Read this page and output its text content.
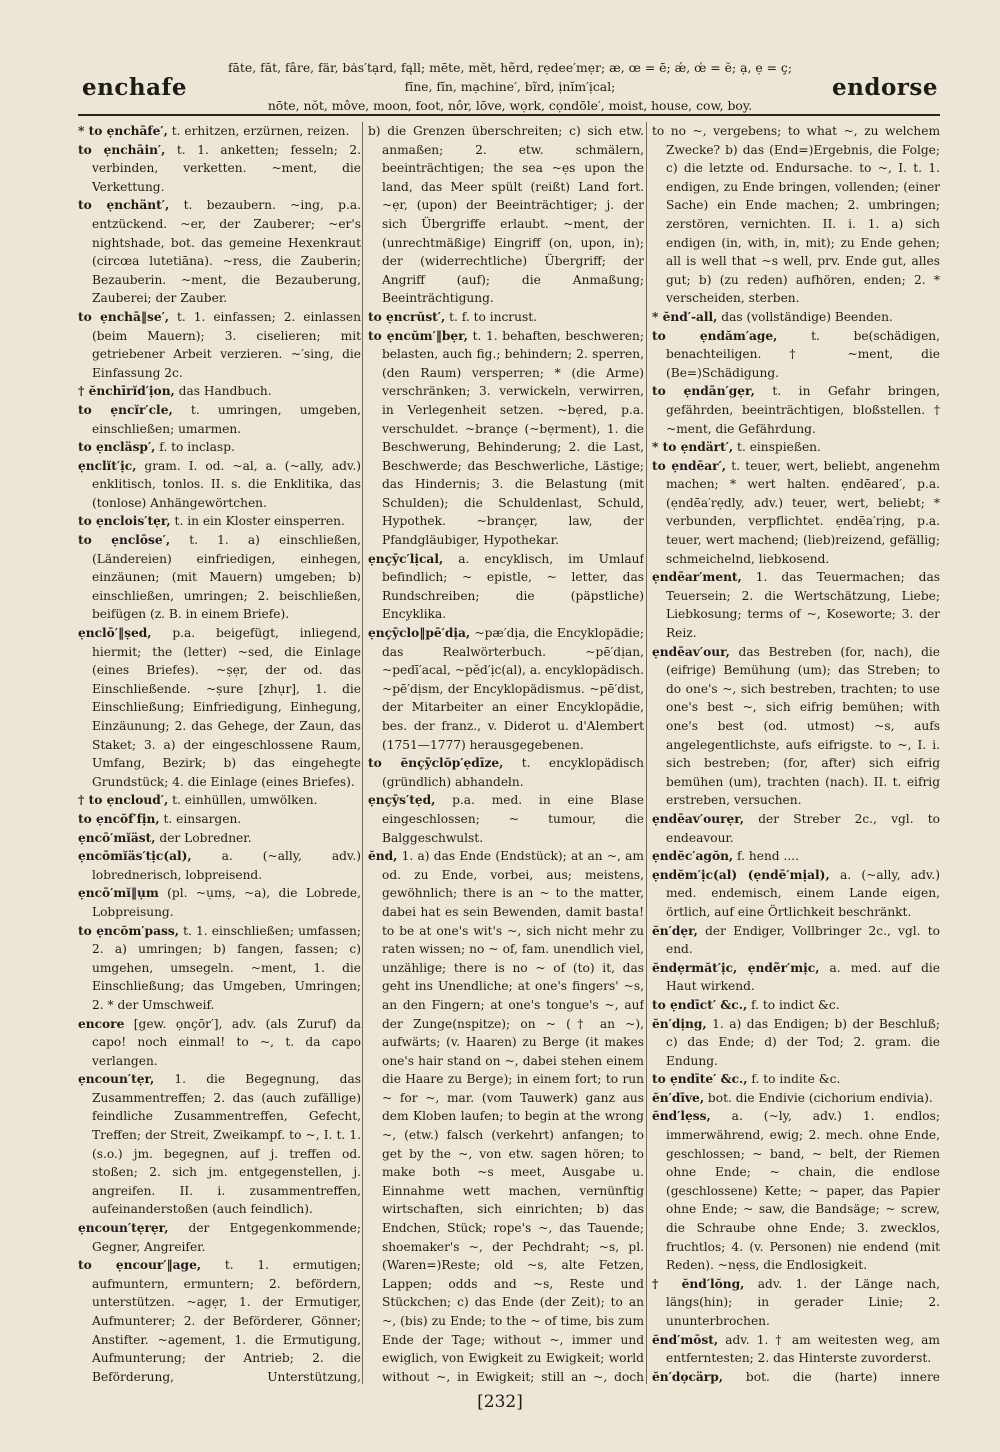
enchafe
fāte, făt, fâre, fär, bȧs′tạrd, fąll; mēte, mĕt, hẽrd, rẹdee′mẹr; æ, œ = ē; ǽ, œ́ = ĕ; ạ, ẹ = ç;
fīne, fĭn, mạchine′, bĩrd, ịnĭm′ịcal;
nōte, nŏt, môve, moon, foot, nôr, lōve, wọrk, cọndōle′, moist, house, cow, boy.
endorse

* to ẹnchāfe′, t. erhitzen, erzürnen, reizen.

to ẹnchāin′, t. 1. anketten; fesseln; 2. verbinden, verketten. ~ment, die Verkettung.

to ẹnchänt′, t. bezaubern. ~ing, p.a. entzückend. ~er, der Zauberer; ~er's nightshade, bot. das gemeine Hexenkraut (circœa lutetiāna). ~ress, die Zauberin; Bezauberin. ~ment, die Bezauberung, Zauberei; der Zauber.

to ẹnchā‖se′, t. 1. einfassen; 2. einlassen (beim Mauern); 3. ciselieren; mit getriebener Arbeit verzieren. ~′sing, die Einfassung 2c.

† ĕnchīrĭd′ịon, das Handbuch.

to ẹncĭr′cle, t. umringen, umgeben, einschließen; umarmen.

to ẹncläsp′, f. to inclasp.

ẹnclĭt′ịc, gram. I. od. ~al, a. (~ally, adv.) enklitisch, tonlos. II. s. die Enklitika, das (tonlose) Anhängewörtchen.

to ẹnclois′tẹr, t. in ein Kloster einsperren.

to ẹnclōse′, t. 1. a) einschließen, (Ländereien) einfriedigen, einhegen, einzäunen; (mit Mauern) umgeben; b) einschließen, umringen; 2. beischließen, beifügen (z. B. in einem Briefe).

ẹnclō′‖ṣed, p.a. beigefügt, inliegend, hiermit; the (letter) ~sed, die Einlage (eines Briefes). ~ṣẹr, der od. das Einschließende. ~ṣure [zhụr], 1. die Einschließung; Einfriedigung, Einhegung, Einzäunung; 2. das Gehege, der Zaun, das Staket; 3. a) der eingeschlossene Raum, Umfang, Bezirk; b) das eingehegte Grundstück; 4. die Einlage (eines Briefes).

† to ẹncloud′, t. einhüllen, umwölken.

to ẹncŏf′fịn, t. einsargen.

ẹncō′mĭäst, der Lobredner.

ẹncōmĭäs′tịc(al), a. (~ally, adv.) lobrednerisch, lobpreisend.

ẹncō′mĭ‖ụm (pl. ~ụmṣ, ~a), die Lobrede, Lobpreisung.

to ẹncŏm′pass, t. 1. einschließen; umfassen; 2. a) umringen; b) fangen, fassen; c) umgehen, umsegeln. ~ment, 1. die Einschließung; das Umgeben, Umringen; 2. * der Umschweif.

encore [gew. ọnçōr′], adv. (als Zuruf) da capo! noch einmal! to ~, t. da capo verlangen.

ẹncoun′tẹr, 1. die Begegnung, das Zusammentreffen; 2. das (auch zufällige) feindliche Zusammentreffen, Gefecht, Treffen; der Streit, Zweikampf. to ~, I. t. 1. (s.o.) jm. begegnen, auf j. treffen od. stoßen; 2. sich jm. entgegenstellen, j. angreifen. II. i. zusammentreffen, aufeinanderstoßen (auch feindlich).

ẹncoun′tẹrẹr, der Entgegenkommende; Gegner, Angreifer.

to ẹncour′‖age, t. 1. ermutigen; aufmuntern, ermuntern; 2. befördern, unterstützen. ~agẹr, 1. der Ermutiger, Aufmunterer; 2. der Beförderer, Gönner; Anstifter. ~agement, 1. die Ermutigung, Aufmunterung; der Antrieb; 2. die Beförderung, Unterstützung,

b) die Grenzen überschreiten; c) sich etw. anmaßen; 2. etw. schmälern, beeinträchtigen; the sea ~ẹs upon the land, das Meer spült (reißt) Land fort. ~ẹr, (upon) der Beeinträchtiger; j. der sich Übergriffe erlaubt. ~ment, der (unrechtmäßige) Eingriff (on, upon, in); der (widerrechtliche) Übergriff; der Angriff (auf); die Anmaßung; Beeinträchtigung.

to ẹncrŭst′, t. f. to incrust.

to ẹncŭm′‖bẹr, t. 1. behaften, beschweren; belasten, auch fig.; behindern; 2. sperren, (den Raum) versperren; * (die Arme) verschränken; 3. verwickeln, verwirren, in Verlegenheit setzen. ~bẹred, p.a. verschuldet. ~brançe (~bẹrment), 1. die Beschwerung, Behinderung; 2. die Last, Beschwerde; das Beschwerliche, Lästige; das Hindernis; 3. die Belastung (mit Schulden); die Schuldenlast, Schuld, Hypothek. ~brançẹr, law, der Pfandgläubiger, Hypothekar.

ẹnçȳc′lịcal, a. encyklisch, im Umlauf befindlich; ~ epistle, ~ letter, das Rundschreiben; die (päpstliche) Encyklika.

ẹnçȳclo‖pē′dịa, ~pæ′dịa, die Encyklopädie; das Realwörterbuch. ~pē′dịan, ~pedī′acal, ~pĕd′ịc(al), a. encyklopädisch. ~pē′dịsm, der Encyklopädismus. ~pē′dist, der Mitarbeiter an einer Encyklopädie, bes. der franz., v. Diderot u. d'Alembert (1751—1777) herausgegebenen.

to ĕnçȳclŏp′ẹdīze, t. encyklopädisch (gründlich) abhandeln.

ẹnçȳs′tẹd, p.a. med. in eine Blase eingeschlossen; ~ tumour, die Balggeschwulst.

ĕnd, 1. a) das Ende (Endstück); at an ~, am od. zu Ende, vorbei, aus; meistens, gewöhnlich; there is an ~ to the matter, dabei hat es sein Bewenden, damit basta! to be at one's wit's ~, sich nicht mehr zu raten wissen; no ~ of, fam. unendlich viel, unzählige; there is no ~ of (to) it, das geht ins Unendliche; at one's fingers' ~s, an den Fingern; at one's tongue's ~, auf der Zunge(nspitze); on ~ († an ~), aufwärts; (v. Haaren) zu Berge (it makes one's hair stand on ~, dabei stehen einem die Haare zu Berge); in einem fort; to run ~ for ~, mar. (vom Tauwerk) ganz aus dem Kloben laufen; to begin at the wrong ~, (etw.) falsch (verkehrt) anfangen; to get by the ~, von etw. sagen hören; to make both ~s meet, Ausgabe u. Einnahme wett machen, vernünftig wirtschaften, sich einrichten; b) das Endchen, Stück; rope's ~, das Tauende; shoemaker's ~, der Pechdraht; ~s, pl. (Waren=)Reste; old ~s, alte Fetzen, Lappen; odds and ~s, Reste und Stückchen; c) das Ende (der Zeit); to an ~, (bis) zu Ende; to the ~ of time, bis zum Ende der Tage; without ~, immer und ewiglich, von Ewigkeit zu Ewigkeit; world without ~, in Ewigkeit; still an ~, doch

to no ~, vergebens; to what ~, zu welchem Zwecke? b) das (End=)Ergebnis, die Folge; c) die letzte od. Endursache. to ~, I. t. 1. endigen, zu Ende bringen, vollenden; (einer Sache) ein Ende machen; 2. umbringen; zerstören, vernichten. II. i. 1. a) sich endigen (in, with, in, mit); zu Ende gehen; all is well that ~s well, prv. Ende gut, alles gut; b) (zu reden) aufhören, enden; 2. * verscheiden, sterben.

* ĕnd′-all, das (vollständige) Beenden.

to ẹndăm′age, t. be(schädigen, benachteiligen. † ~ment, die (Be=)Schädigung.

to ẹndān′gẹr, t. in Gefahr bringen, gefährden, beeinträchtigen, bloßstellen. † ~ment, die Gefährdung.

* to ẹndärt′, t. einspießen.

to ẹndēar′, t. teuer, wert, beliebt, angenehm machen; * wert halten. ẹndēared′, p.a. (ẹndēa′rẹdly, adv.) teuer, wert, beliebt; * verbunden, verpflichtet. ẹndēa′rịng, p.a. teuer, wert machend; (lieb)reizend, gefällig; schmeichelnd, liebkosend.

ẹndēar′ment, 1. das Teuermachen; das Teuersein; 2. die Wertschätzung, Liebe; Liebkosung; terms of ~, Koseworte; 3. der Reiz.

ẹndēav′our, das Bestreben (for, nach), die (eifrige) Bemühung (um); das Streben; to do one's ~, sich bestreben, trachten; to use one's best ~, sich eifrig bemühen; with one's best (od. utmost) ~s, aufs angelegentlichste, aufs eifrigste. to ~, I. i. sich bestreben; (for, after) sich eifrig bemühen (um), trachten (nach). II. t. eifrig erstreben, versuchen.

ẹndēav′ourẹr, der Streber 2c., vgl. to endeavour.

ẹndĕc′agŏn, f. hend ....

ẹndĕm′ịc(al) (ẹndē′mịal), a. (~ally, adv.) med. endemisch, einem Lande eigen, örtlich, auf eine Örtlichkeit beschränkt.

ĕn′dẹr, der Endiger, Vollbringer 2c., vgl. to end.

ĕndẹrmăt′ịc, ẹndẽr′mịc, a. med. auf die Haut wirkend.

to ẹndīct′ &c., f. to indict &c.

ĕn′dịng, 1. a) das Endigen; b) der Beschluß; c) das Ende; d) der Tod; 2. gram. die Endung.

to ẹndīte′ &c., f. to indite &c.

ĕn′dīve, bot. die Endivie (cichorium endivia).

ĕnd′lẹss, a. (~ly, adv.) 1. endlos; immerwährend, ewig; 2. mech. ohne Ende, geschlossen; ~ band, ~ belt, der Riemen ohne Ende; ~ chain, die endlose (geschlossene) Kette; ~ paper, das Papier ohne Ende; ~ saw, die Bandsäge; ~ screw, die Schraube ohne Ende; 3. zwecklos, fruchtlos; 4. (v. Personen) nie endend (mit Reden). ~nẹss, die Endlosigkeit.

† ĕnd′lŏng, adv. 1. der Länge nach, längs(hin); in gerader Linie; 2. ununterbrochen.

ĕnd′mōst, adv. 1. † am weitesten weg, am entferntesten; 2. das Hinterste zuvorderst.

ĕn′dọcärp, bot. die (harte) innere

[232]
